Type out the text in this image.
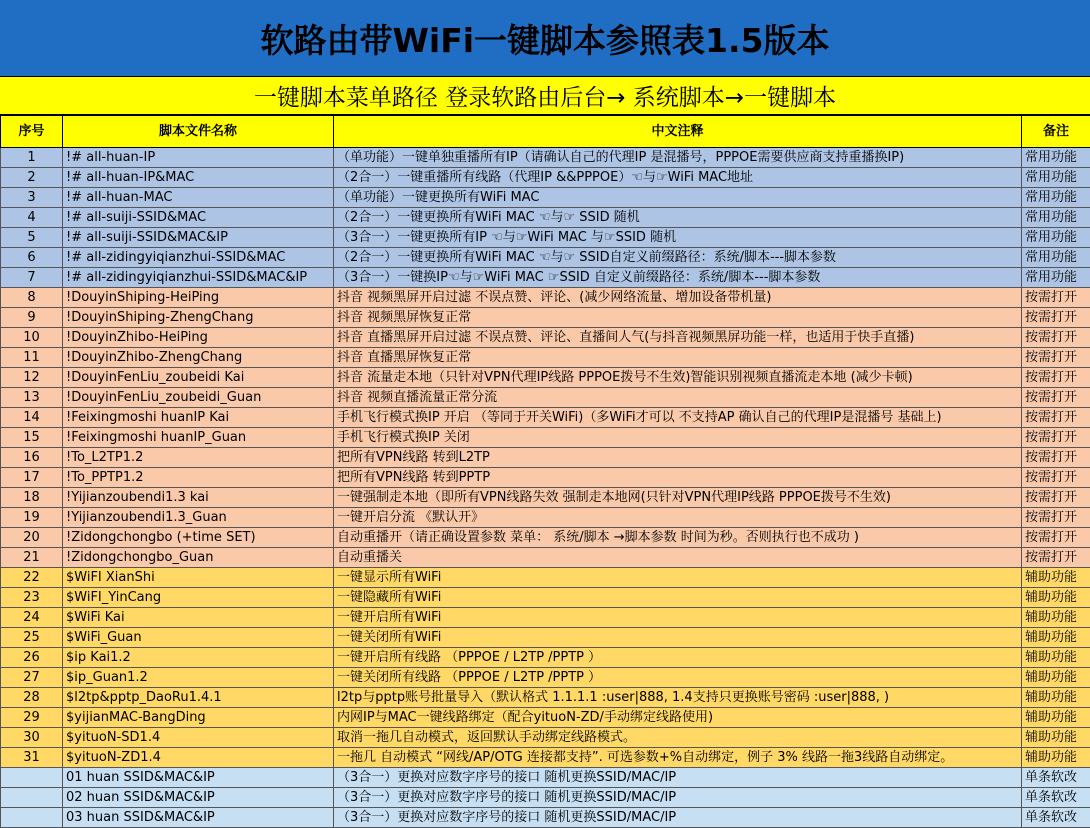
软路由带WiFi一键脚本参照表1.5版本
一键脚本菜单路径 登录软路由后台→ 系统脚本→一键脚本
序号	脚本文件名称	中文注释	备注
1	!# all-huan-IP	（单功能）一键单独重播所有IP（请确认自己的代理IP 是混播号，PPPOE需要供应商支持重播换IP)	常用功能
2	!# all-huan-IP&MAC	（2合一）一键重播所有线路（代理IP &&PPPOE）☜与☞WiFi MAC地址	常用功能
3	!# all-huan-MAC	（单功能）一键更换所有WiFi MAC	常用功能
4	!# all-suiji-SSID&MAC	（2合一）一键更换所有WiFi MAC ☜与☞ SSID 随机	常用功能
5	!# all-suiji-SSID&MAC&IP	（3合一）一键更换所有IP ☜与☞WiFi MAC 与☞SSID 随机	常用功能
6	!# all-zidingyiqianzhui-SSID&MAC	（2合一）一键更换所有WiFi MAC ☜与☞ SSID自定义前缀路径：系统/脚本---脚本参数	常用功能
7	!# all-zidingyiqianzhui-SSID&MAC&IP	（3合一）一键换IP☜与☞WiFi MAC ☞SSID 自定义前缀路径：系统/脚本---脚本参数	常用功能
8	!DouyinShiping-HeiPing	抖音 视频黑屏开启过滤 不误点赞、评论、(减少网络流量、增加设备带机量)	按需打开
9	!DouyinShiping-ZhengChang	抖音 视频黑屏恢复正常	按需打开
10	!DouyinZhibo-HeiPing	抖音 直播黑屏开启过滤 不误点赞、评论、直播间人气(与抖音视频黑屏功能一样，也适用于快手直播)	按需打开
11	!DouyinZhibo-ZhengChang	抖音 直播黑屏恢复正常	按需打开
12	!DouyinFenLiu_zoubeidi Kai	抖音 流量走本地（只针对VPN代理IP线路 PPPOE拨号不生效)智能识别视频直播流走本地 (减少卡顿)	按需打开
13	!DouyinFenLiu_zoubeidi_Guan	抖音 视频直播流量正常分流	按需打开
14	!Feixingmoshi huanIP Kai	手机飞行模式换IP 开启 （等同于开关WiFi)（多WiFi才可以 不支持AP 确认自己的代理IP是混播号 基础上)	按需打开
15	!Feixingmoshi huanIP_Guan	手机飞行模式换IP 关闭	按需打开
16	!To_L2TP1.2	把所有VPN线路 转到L2TP	按需打开
17	!To_PPTP1.2	把所有VPN线路 转到PPTP	按需打开
18	!Yijianzoubendi1.3 kai	一键强制走本地（即所有VPN线路失效 强制走本地网(只针对VPN代理IP线路 PPPOE拨号不生效)	按需打开
19	!Yijianzoubendi1.3_Guan	一键开启分流 《默认开》	按需打开
20	!Zidongchongbo (+time SET)	自动重播开（请正确设置参数 菜单： 系统/脚本 →脚本参数 时间为秒。否则执行也不成功 )	按需打开
21	!Zidongchongbo_Guan	自动重播关	按需打开
22	$WiFI XianShi	一键显示所有WiFi	辅助功能
23	$WiFI_YinCang	一键隐藏所有WiFi	辅助功能
24	$WiFi Kai	一键开启所有WiFi	辅助功能
25	$WiFi_Guan	一键关闭所有WiFi	辅助功能
26	$ip Kai1.2	一键开启所有线路 （PPPOE / L2TP /PPTP ）	辅助功能
27	$ip_Guan1.2	一键关闭所有线路 （PPPOE / L2TP /PPTP ）	辅助功能
28	$l2tp&pptp_DaoRu1.4.1	l2tp与pptp账号批量导入（默认格式 1.1.1.1 :user|888, 1.4支持只更换账号密码 :user|888, )	辅助功能
29	$yijianMAC-BangDing	内网IP与MAC一键线路绑定（配合yituoN-ZD/手动绑定线路使用)	辅助功能
30	$yituoN-SD1.4	取消一拖几自动模式，返回默认手动绑定线路模式。	辅助功能
31	$yituoN-ZD1.4	一拖几 自动模式 “网线/AP/OTG 连接都支持”. 可选参数+%自动绑定，例子 3% 线路一拖3线路自动绑定。	辅助功能
	01 huan SSID&MAC&IP	（3合一）更换对应数字序号的接口 随机更换SSID/MAC/IP	单条软改
	02 huan SSID&MAC&IP	（3合一）更换对应数字序号的接口 随机更换SSID/MAC/IP	单条软改
	03 huan SSID&MAC&IP	（3合一）更换对应数字序号的接口 随机更换SSID/MAC/IP	单条软改
